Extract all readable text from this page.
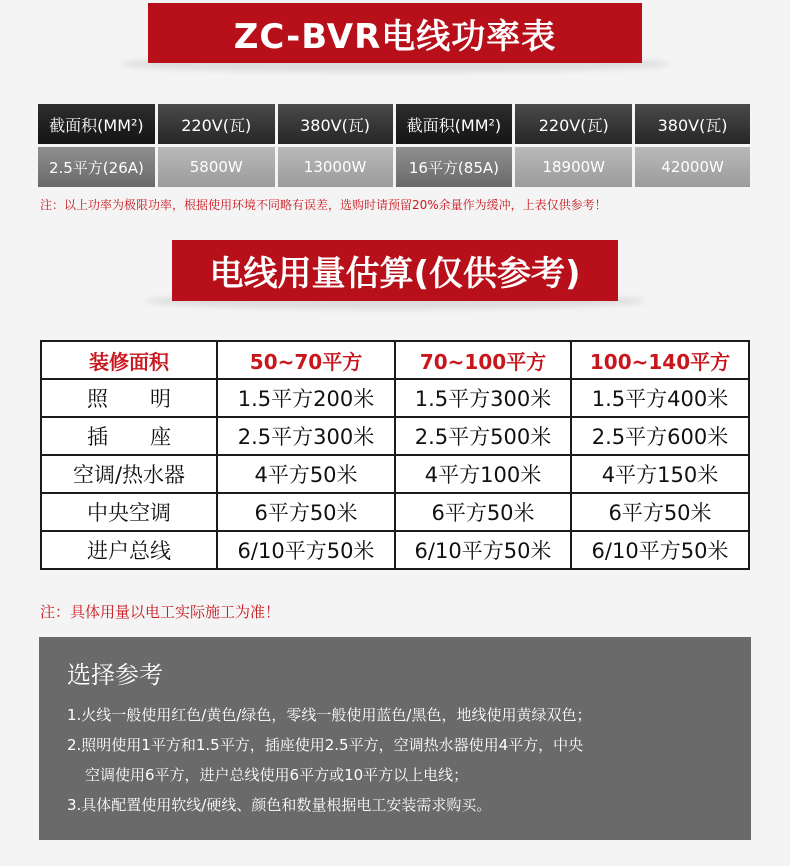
ZC-BVR电线功率表
截面积(MM²)	220V(瓦)	380V(瓦)	截面积(MM²)	220V(瓦)	380V(瓦)
2.5平方(26A)	5800W	13000W	16平方(85A)	18900W	42000W
注：以上功率为极限功率，根据使用环境不同略有误差，选购时请预留20%余量作为缓冲，上表仅供参考！
电线用量估算(仅供参考)
装修面积	50~70平方	70~100平方	100~140平方
照　　明	1.5平方200米	1.5平方300米	1.5平方400米
插　　座	2.5平方300米	2.5平方500米	2.5平方600米
空调/热水器	4平方50米	4平方100米	4平方150米
中央空调	6平方50米	6平方50米	6平方50米
进户总线	6/10平方50米	6/10平方50米	6/10平方50米
注：具体用量以电工实际施工为准！
选择参考
1.火线一般使用红色/黄色/绿色，零线一般使用蓝色/黑色，地线使用黄绿双色；
2.照明使用1平方和1.5平方，插座使用2.5平方，空调热水器使用4平方，中央
空调使用6平方，进户总线使用6平方或10平方以上电线；
3.具体配置使用软线/硬线、颜色和数量根据电工安装需求购买。
